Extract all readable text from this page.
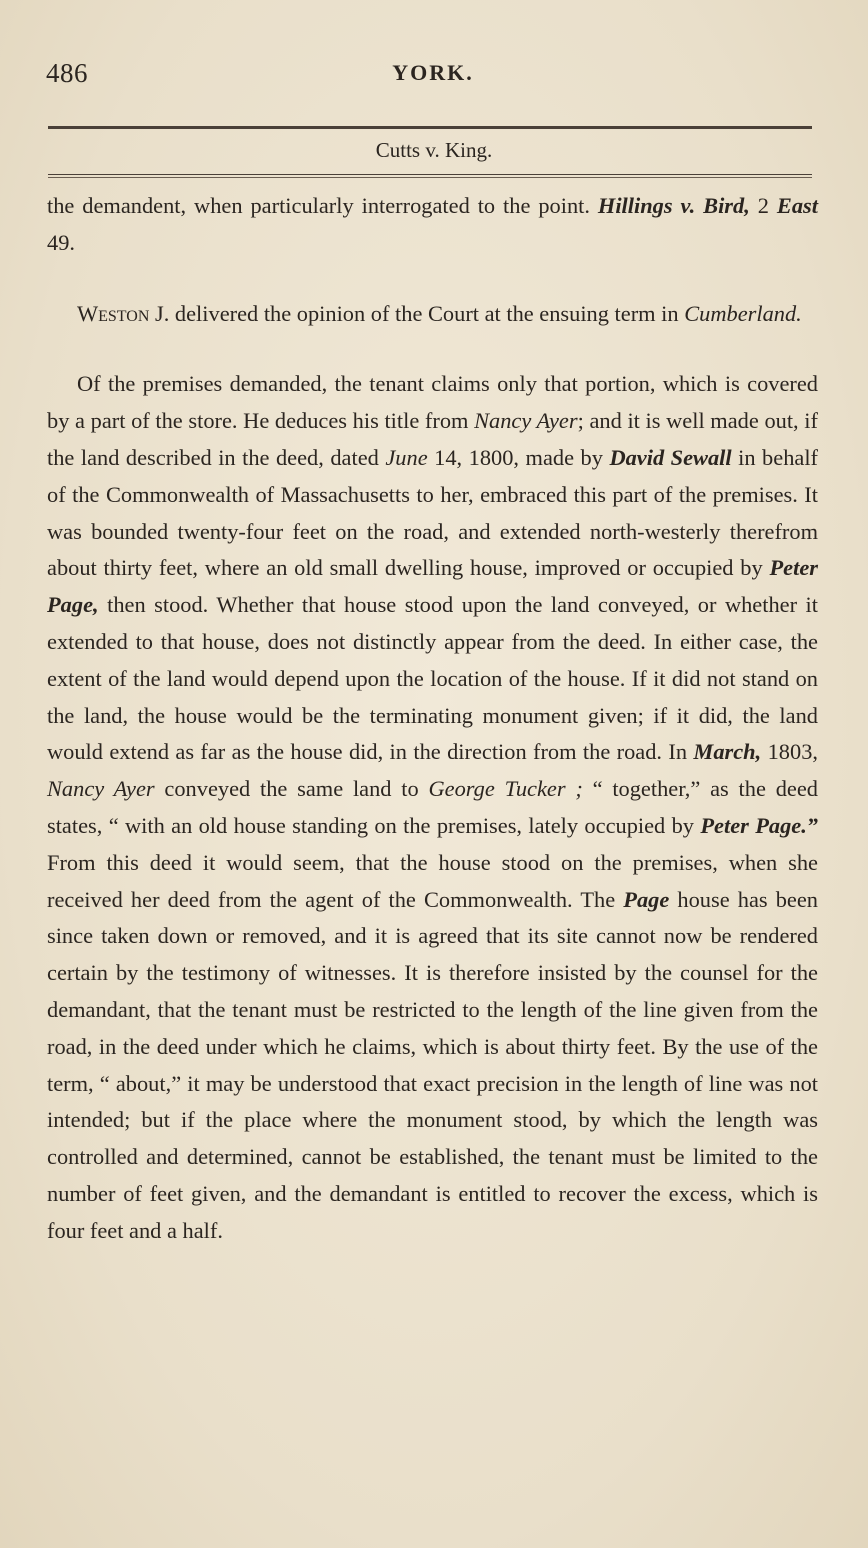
486	YORK.
Cutts v. King.

the demandent, when particularly interrogated to the point. Hillings v. Bird, 2 East 49.

Weston J. delivered the opinion of the Court at the ensuing term in Cumberland.

Of the premises demanded, the tenant claims only that portion, which is covered by a part of the store. He deduces his title from Nancy Ayer; and it is well made out, if the land described in the deed, dated June 14, 1800, made by David Sewall in behalf of the Commonwealth of Massachusetts to her, embraced this part of the premises. It was bounded twenty-four feet on the road, and extended north-westerly therefrom about thirty feet, where an old small dwelling house, improved or occupied by Peter Page, then stood. Whether that house stood upon the land conveyed, or whether it extended to that house, does not distinctly appear from the deed. In either case, the extent of the land would depend upon the location of the house. If it did not stand on the land, the house would be the terminating monument given; if it did, the land would extend as far as the house did, in the direction from the road. In March, 1803, Nancy Ayer conveyed the same land to George Tucker ; “ together,” as the deed states, “ with an old house standing on the premises, lately occupied by Peter Page.” From this deed it would seem, that the house stood on the premises, when she received her deed from the agent of the Commonwealth. The Page house has been since taken down or removed, and it is agreed that its site cannot now be rendered certain by the testimony of witnesses. It is therefore insisted by the counsel for the demandant, that the tenant must be restricted to the length of the line given from the road, in the deed under which he claims, which is about thirty feet. By the use of the term, “ about,” it may be understood that exact precision in the length of line was not intended; but if the place where the monument stood, by which the length was controlled and determined, cannot be established, the tenant must be limited to the number of feet given, and the demandant is entitled to recover the excess, which is four feet and a half.
